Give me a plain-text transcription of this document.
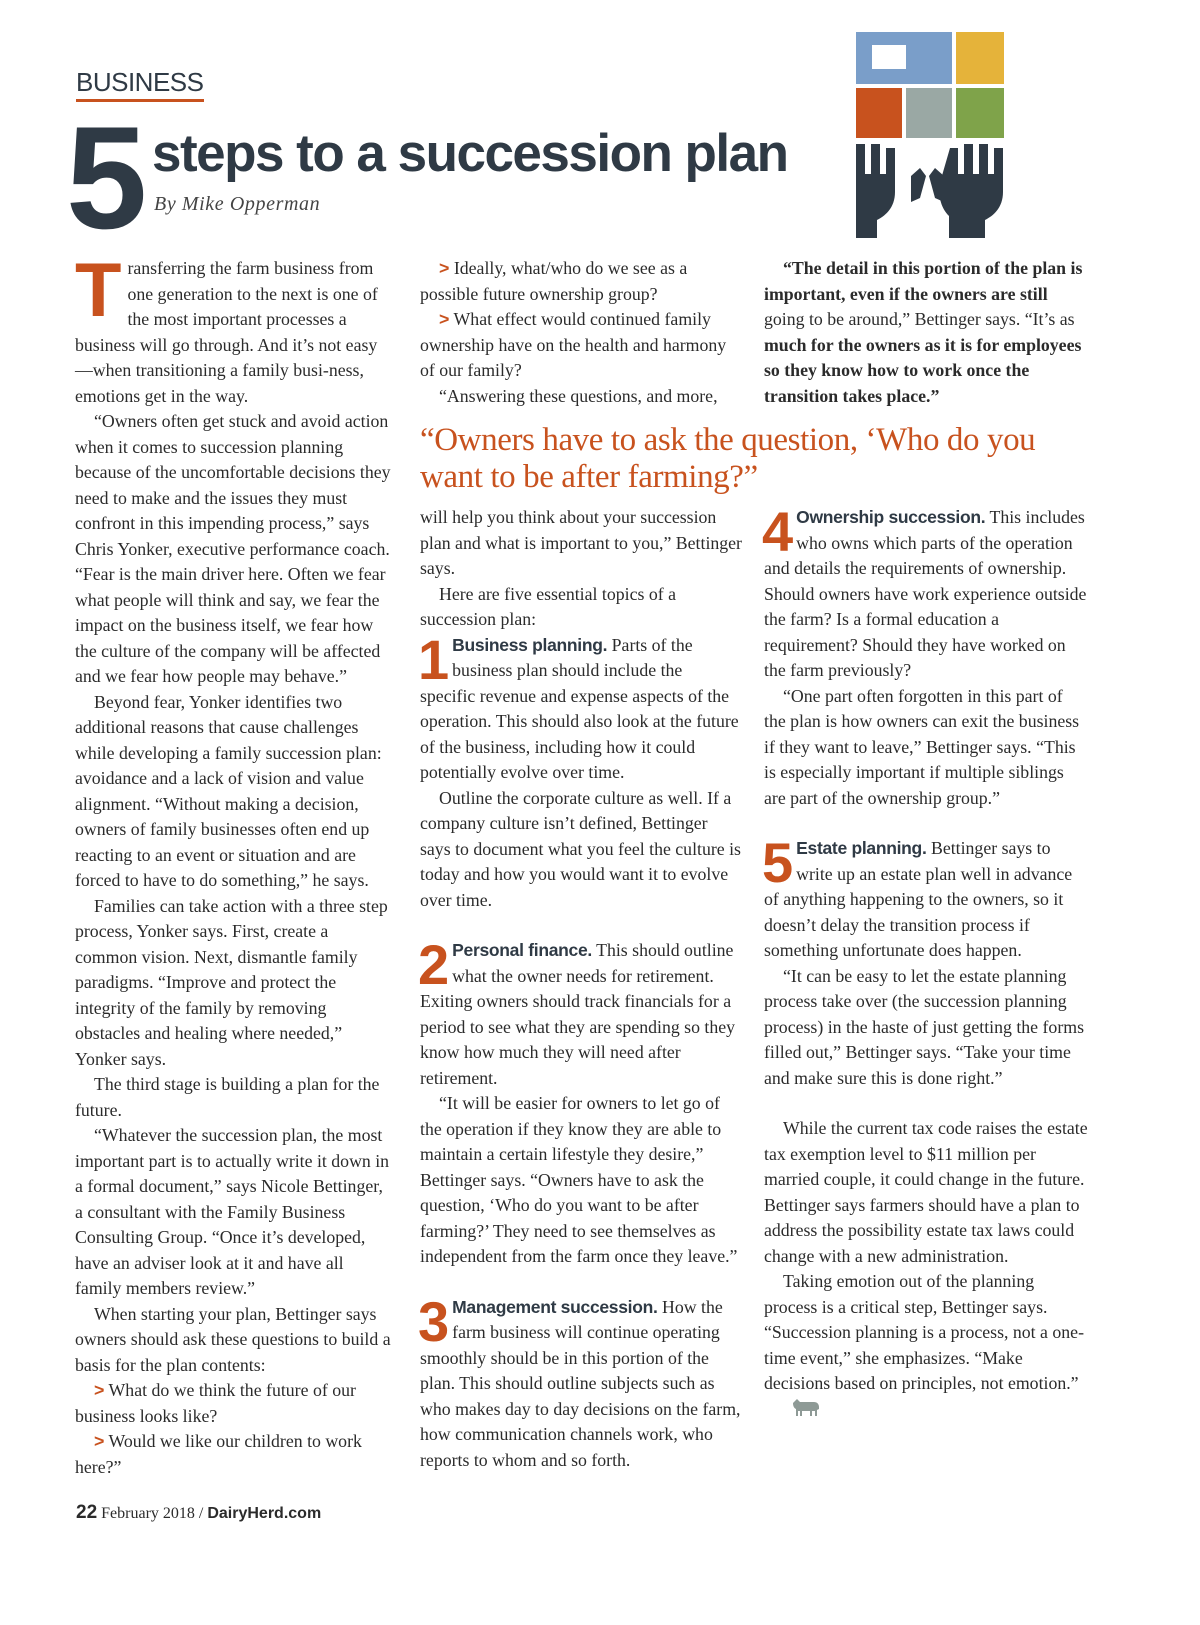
BUSINESS
5 steps to a succession plan
By Mike Opperman
“Owners have to ask the question, ‘Who do you want to be after farming?”

Transferring the farm business from one generation to the next is one of the most important processes a business will go through. And it’s not easy—when transitioning a family busi-ness, emotions get in the way.

“Owners often get stuck and avoid action when it comes to succession planning because of the uncomfortable decisions they need to make and the issues they must confront in this impending process,” says Chris Yonker, executive performance coach. “Fear is the main driver here. Often we fear what people will think and say, we fear the impact on the business itself, we fear how the culture of the company will be affected and we fear how people may behave.”

Beyond fear, Yonker identifies two additional reasons that cause challenges while developing a family succession plan: avoidance and a lack of vision and value alignment. “Without making a decision, owners of family businesses often end up reacting to an event or situation and are forced to have to do something,” he says.

Families can take action with a three step process, Yonker says. First, create a common vision. Next, dismantle family paradigms. “Improve and protect the integrity of the family by removing obstacles and healing where needed,” Yonker says.

The third stage is building a plan for the future.

“Whatever the succession plan, the most important part is to actually write it down in a formal document,” says Nicole Bettinger, a consultant with the Family Business Consulting Group. “Once it’s developed, have an adviser look at it and have all family members review.”

When starting your plan, Bettinger says owners should ask these questions to build a basis for the plan contents:

> What do we think the future of our business looks like?

> Would we like our children to work here?”

> Ideally, what/who do we see as a possible future ownership group?

> What effect would continued family ownership have on the health and harmony of our family?

“Answering these questions, and more,

will help you think about your succession plan and what is important to you,” Bettinger says.

Here are five essential topics of a succession plan:

1 Business planning. Parts of the business plan should include the specific revenue and expense aspects of the operation. This should also look at the future of the business, including how it could potentially evolve over time.

Outline the corporate culture as well. If a company culture isn’t defined, Bettinger says to document what you feel the culture is today and how you would want it to evolve over time.

2 Personal finance. This should outline what the owner needs for retirement. Exiting owners should track financials for a period to see what they are spending so they know how much they will need after retirement.

“It will be easier for owners to let go of the operation if they know they are able to maintain a certain lifestyle they desire,” Bettinger says. “Owners have to ask the question, ‘Who do you want to be after farming?’ They need to see themselves as independent from the farm once they leave.”

3 Management succession. How the farm business will continue operating smoothly should be in this portion of the plan. This should outline subjects such as who makes day to day decisions on the farm, how communication channels work, who reports to whom and so forth.

“The detail in this portion of the plan is important, even if the owners are still going to be around,” Bettinger says. “It’s as much for the owners as it is for employees so they know how to work once the transition takes place.”

4 Ownership succession. This includes who owns which parts of the operation and details the requirements of ownership. Should owners have work experience outside the farm? Is a formal education a requirement? Should they have worked on the farm previously?

“One part often forgotten in this part of the plan is how owners can exit the business if they want to leave,” Bettinger says. “This is especially important if multiple siblings are part of the ownership group.”

5 Estate planning. Bettinger says to write up an estate plan well in advance of anything happening to the owners, so it doesn’t delay the transition process if something unfortunate does happen.

“It can be easy to let the estate planning process take over (the succession planning process) in the haste of just getting the forms filled out,” Bettinger says. “Take your time and make sure this is done right.”

While the current tax code raises the estate tax exemption level to $11 million per married couple, it could change in the future. Bettinger says farmers should have a plan to address the possibility estate tax laws could change with a new administration.

Taking emotion out of the planning process is a critical step, Bettinger says. “Succession planning is a process, not a one-time event,” she emphasizes. “Make decisions based on principles, not emotion.”

22 February 2018 / DairyHerd.com
